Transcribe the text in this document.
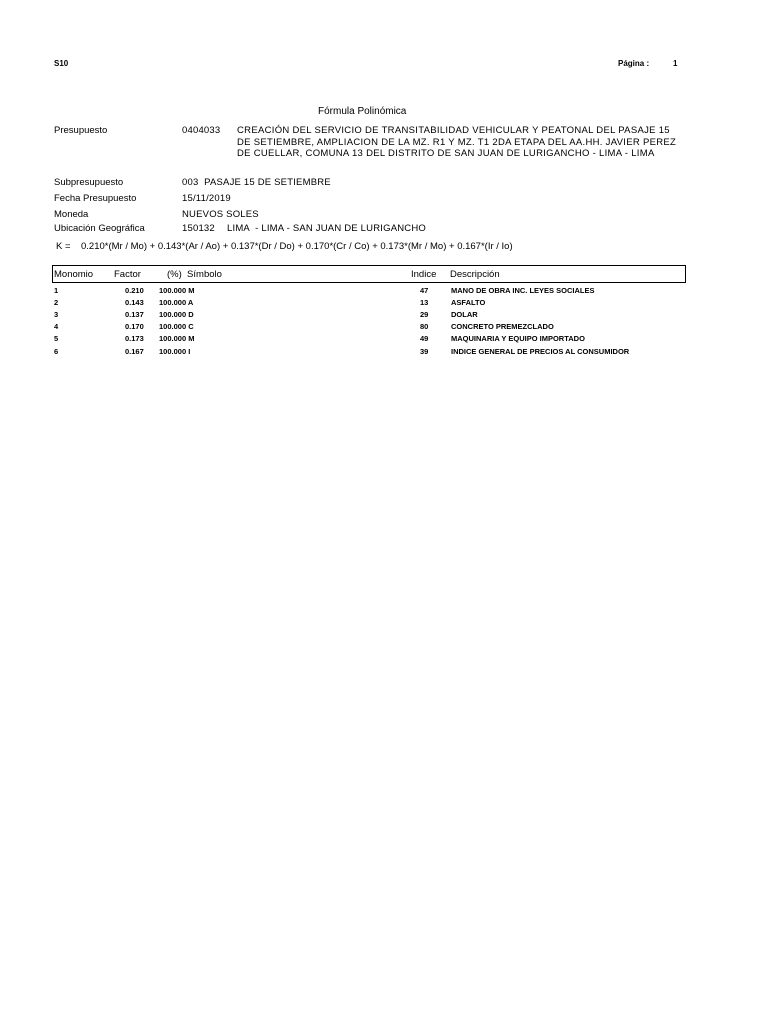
S10	Página :	1
Fórmula Polinómica
Presupuesto	0404033 CREACIÓN DEL SERVICIO DE TRANSITABILIDAD VEHICULAR Y PEATONAL DEL PASAJE 15 DE SETIEMBRE, AMPLIACION DE LA MZ. R1 Y MZ. T1 2DA ETAPA DEL AA.HH. JAVIER PEREZ DE CUELLAR, COMUNA 13 DEL DISTRITO DE SAN JUAN DE LURIGANCHO - LIMA - LIMA
Subpresupuesto	003  PASAJE 15 DE SETIEMBRE
Fecha Presupuesto	15/11/2019
Moneda	NUEVOS SOLES
Ubicación Geográfica	150132 LIMA  - LIMA - SAN JUAN DE LURIGANCHO
K = 0.210*(Mr / Mo) + 0.143*(Ar / Ao) + 0.137*(Dr / Do) + 0.170*(Cr / Co) + 0.173*(Mr / Mo) + 0.167*(Ir / Io)
Monomio Factor	(%)  Símbolo	Indice Descripción
1	0.210 100.000 M	47	MANO DE OBRA INC. LEYES SOCIALES
2	0.143 100.000 A	13	ASFALTO
3	0.137 100.000 D	29	DOLAR
4	0.170 100.000 C	80	CONCRETO PREMEZCLADO
5	0.173 100.000 M	49	MAQUINARIA Y EQUIPO IMPORTADO
6	0.167 100.000 I	39	INDICE GENERAL DE PRECIOS AL CONSUMIDOR
